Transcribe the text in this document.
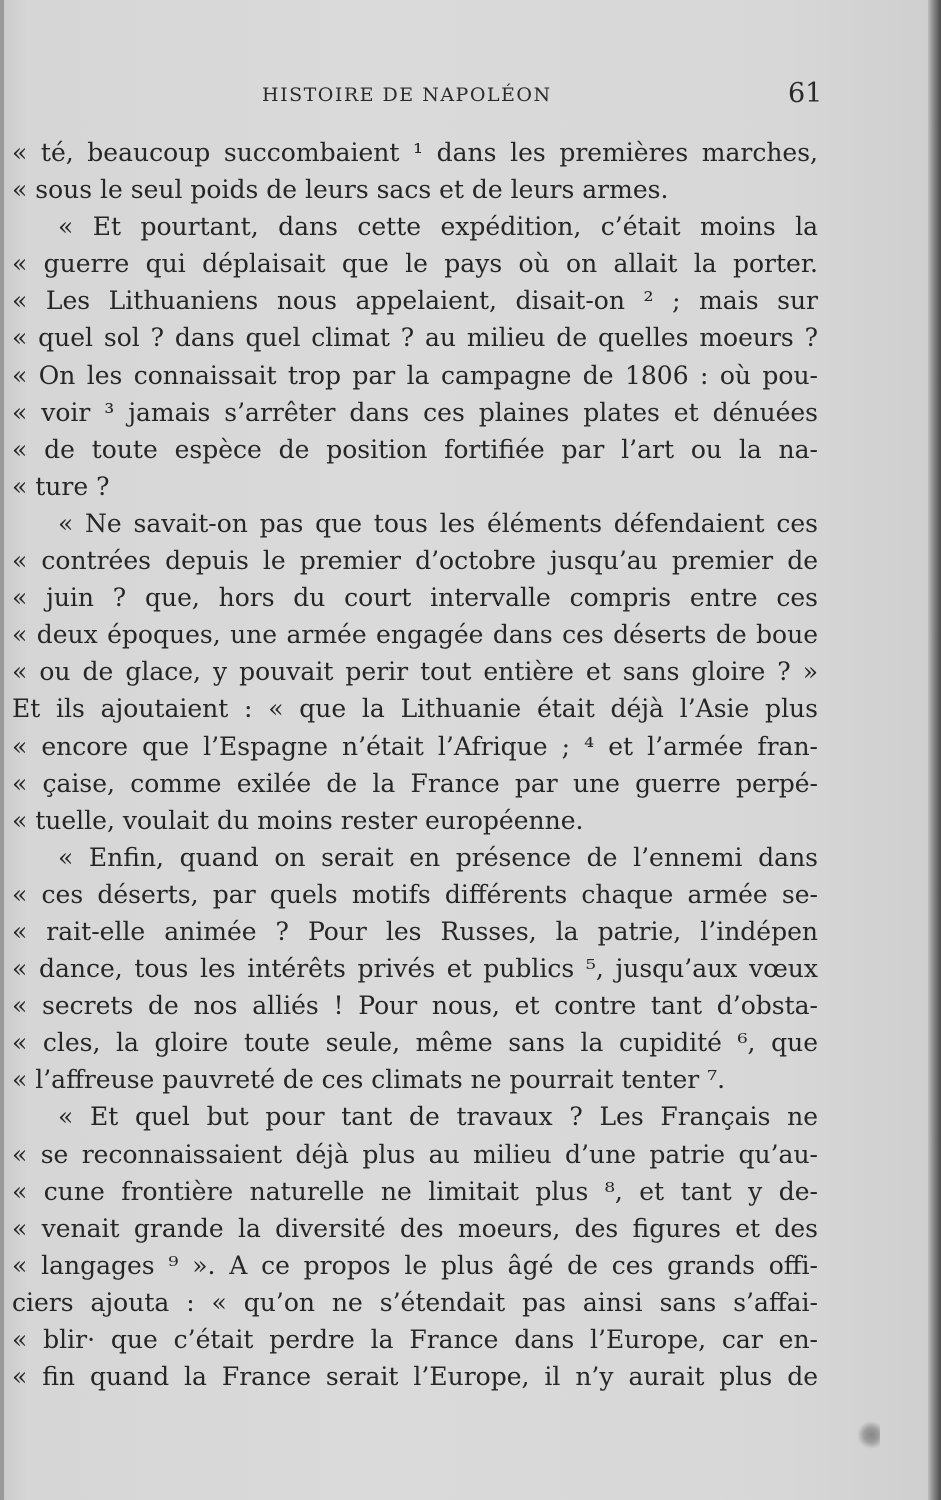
HISTOIRE DE NAPOLÉON	61
« té, beaucoup succombaient ¹ dans les premières marches,
« sous le seul poids de leurs sacs et de leurs armes.
« Et pourtant, dans cette expédition, c’était moins la
« guerre qui déplaisait que le pays où on allait la porter.
« Les Lithuaniens nous appelaient, disait-on ² ; mais sur
« quel sol ? dans quel climat ? au milieu de quelles moeurs ?
« On les connaissait trop par la campagne de 1806 : où pou-
« voir ³ jamais s’arrêter dans ces plaines plates et dénuées
« de toute espèce de position fortifiée par l’art ou la na-
« ture ?
« Ne savait-on pas que tous les éléments défendaient ces
« contrées depuis le premier d’octobre jusqu’au premier de
« juin ? que, hors du court intervalle compris entre ces
« deux époques, une armée engagée dans ces déserts de boue
« ou de glace, y pouvait perir tout entière et sans gloire ? »
Et ils ajoutaient : « que la Lithuanie était déjà l’Asie plus
« encore que l’Espagne n’était l’Afrique ; ⁴ et l’armée fran-
« çaise, comme exilée de la France par une guerre perpé-
« tuelle, voulait du moins rester européenne.
« Enfin, quand on serait en présence de l’ennemi dans
« ces déserts, par quels motifs différents chaque armée se-
« rait-elle animée ? Pour les Russes, la patrie, l’indépen
« dance, tous les intérêts privés et publics ⁵, jusqu’aux vœux
« secrets de nos alliés ! Pour nous, et contre tant d’obsta-
« cles, la gloire toute seule, même sans la cupidité ⁶, que
« l’affreuse pauvreté de ces climats ne pourrait tenter ⁷.
« Et quel but pour tant de travaux ? Les Français ne
« se reconnaissaient déjà plus au milieu d’une patrie qu’au-
« cune frontière naturelle ne limitait plus ⁸, et tant y de-
« venait grande la diversité des moeurs, des figures et des
« langages ⁹ ». A ce propos le plus âgé de ces grands offi-
ciers ajouta : « qu’on ne s’étendait pas ainsi sans s’affai-
« blir· que c’était perdre la France dans l’Europe, car en-
« fin quand la France serait l’Europe, il n’y aurait plus de
